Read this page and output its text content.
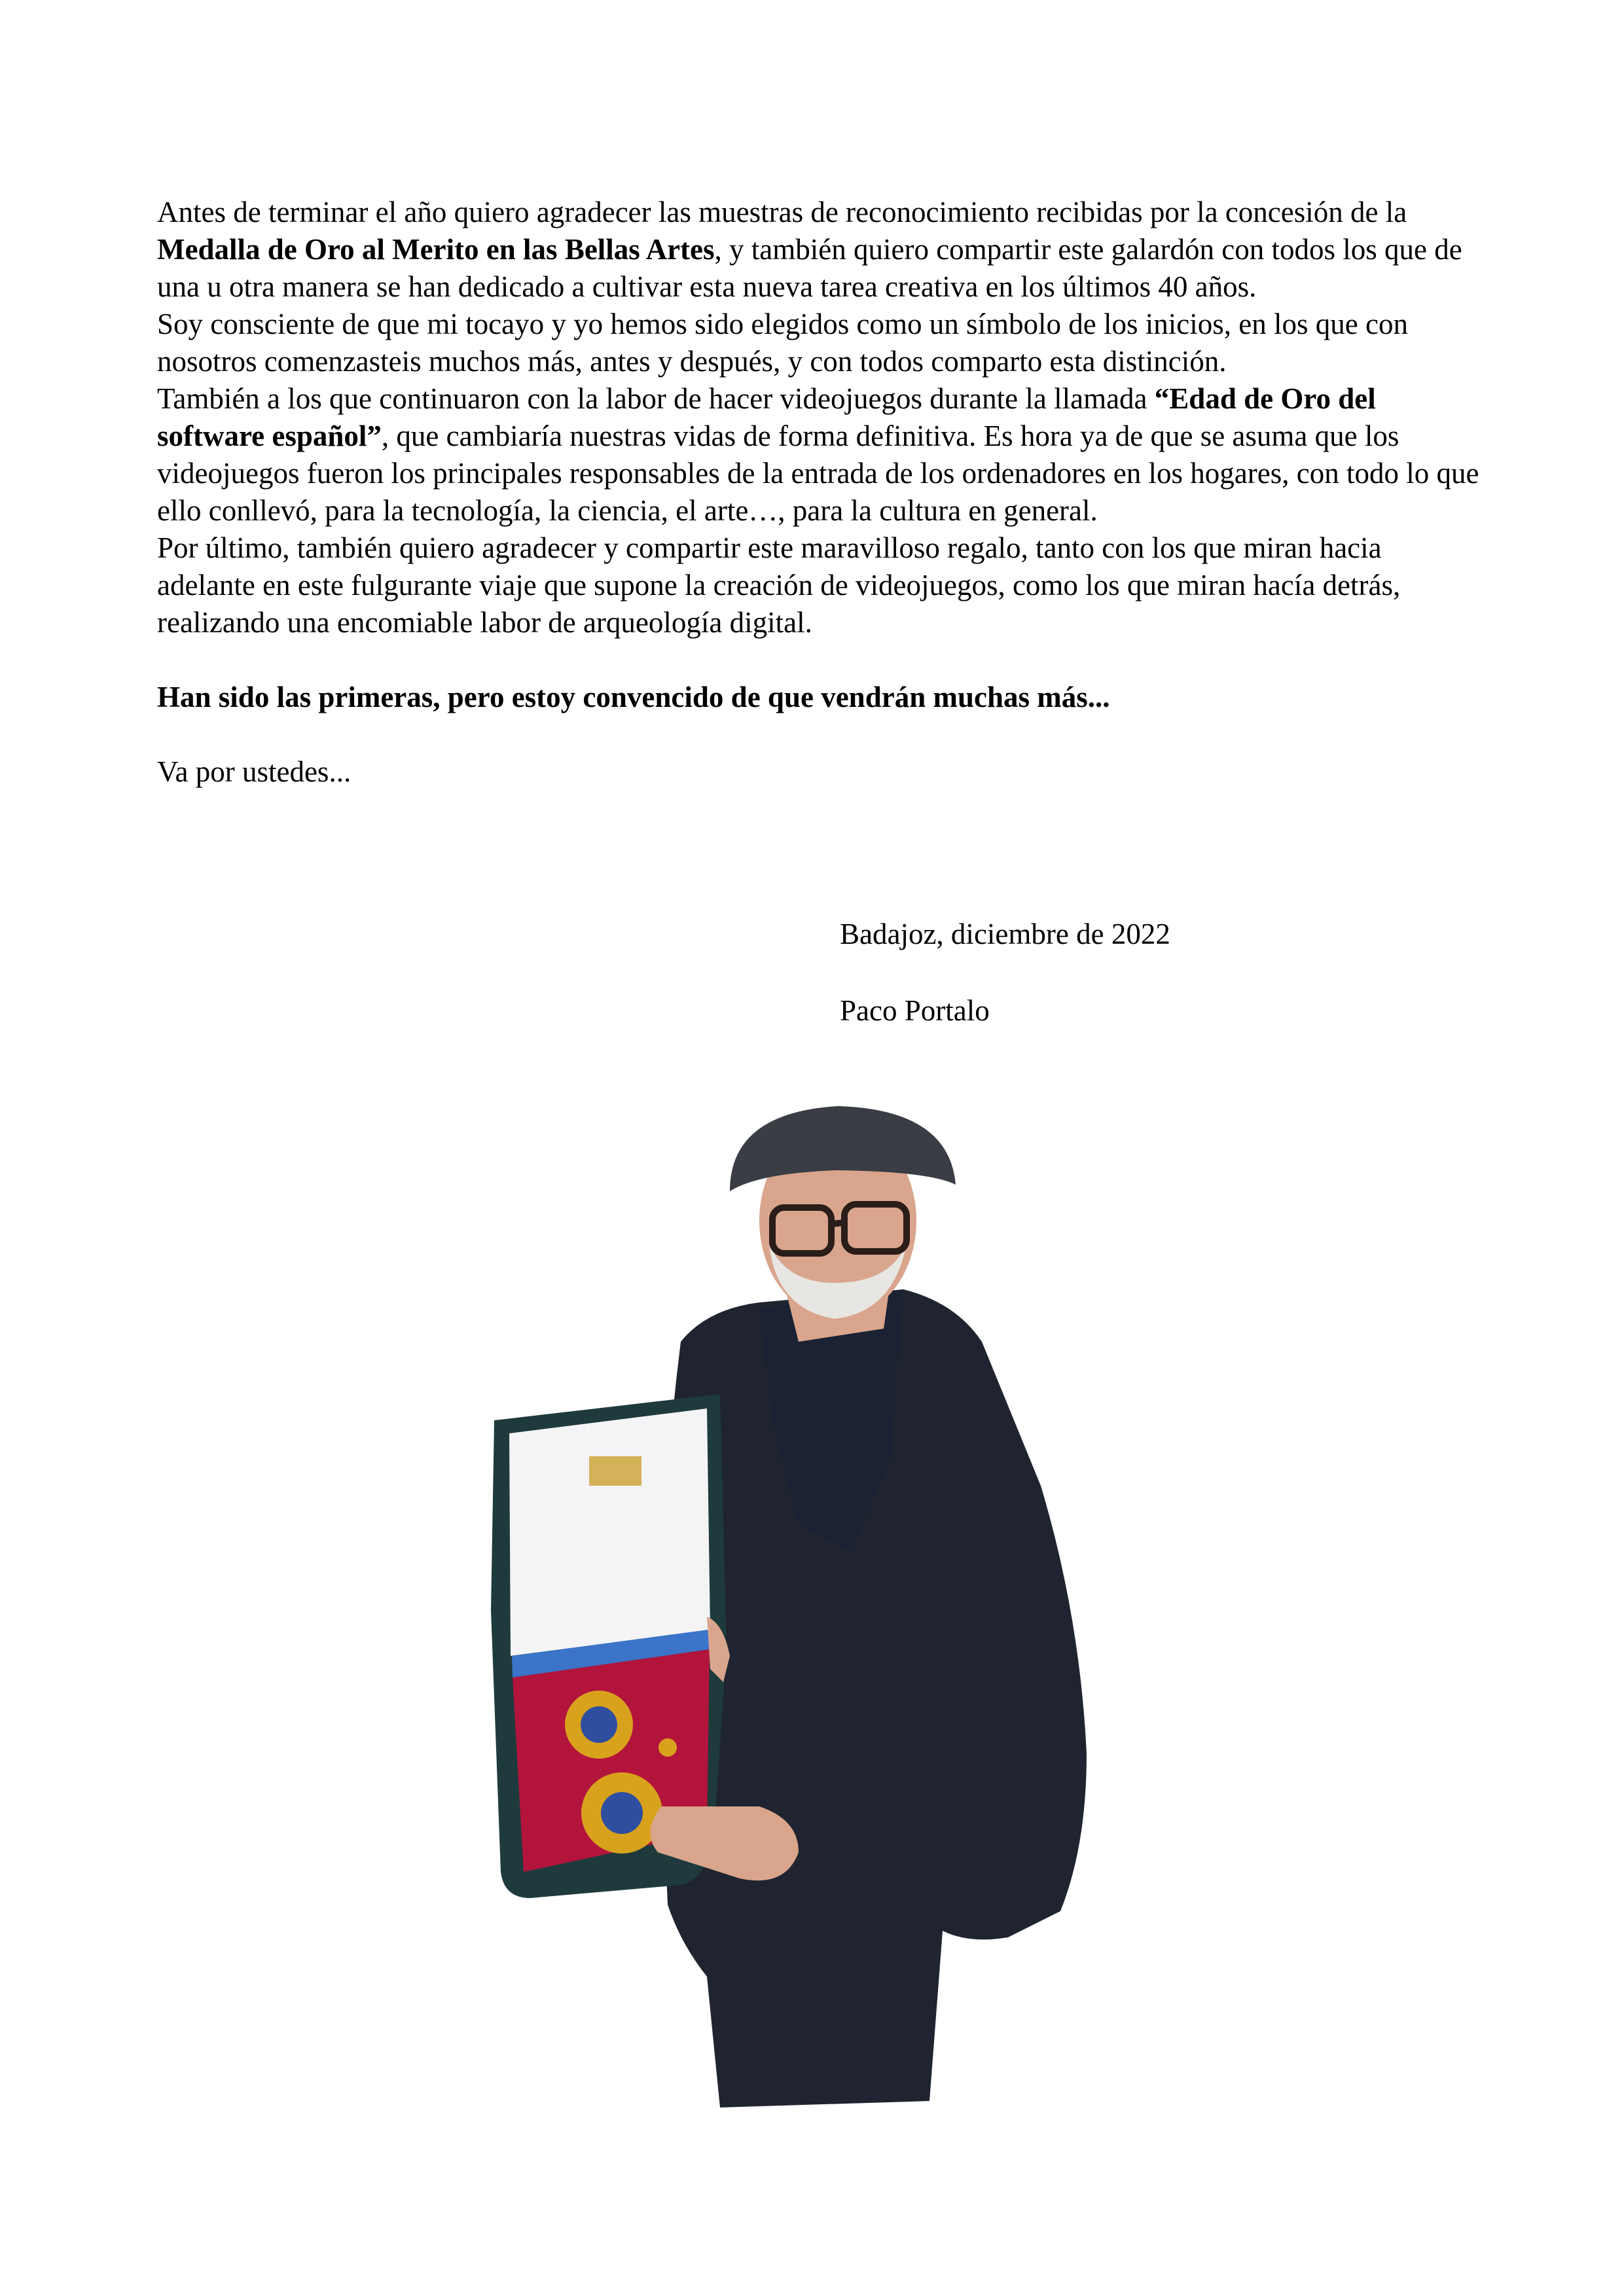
Antes de terminar el año quiero agradecer las muestras de reconocimiento recibidas por la concesión de la Medalla de Oro al Merito en las Bellas Artes, y también quiero compartir este galardón con todos los que de una u otra manera se han dedicado a cultivar esta nueva tarea creativa en los últimos 40 años.

Soy consciente de que mi tocayo y yo hemos sido elegidos como un símbolo de los inicios, en los que con nosotros comenzasteis muchos más, antes y después, y con todos comparto esta distinción.

También a los que continuaron con la labor de hacer videojuegos durante la llamada “Edad de Oro del software español”, que cambiaría nuestras vidas de forma definitiva. Es hora ya de que se asuma que los videojuegos fueron los principales responsables de la entrada de los ordenadores en los hogares, con todo lo que ello conllevó, para la tecnología, la ciencia, el arte…, para la cultura en general.

Por último, también quiero agradecer y compartir este maravilloso regalo, tanto con los que miran hacia adelante en este fulgurante viaje que supone la creación de videojuegos, como los que miran hacía detrás, realizando una encomiable labor de arqueología digital.

Han sido las primeras, pero estoy convencido de que vendrán muchas más...

Va por ustedes...

Badajoz, diciembre de 2022
Paco Portalo
